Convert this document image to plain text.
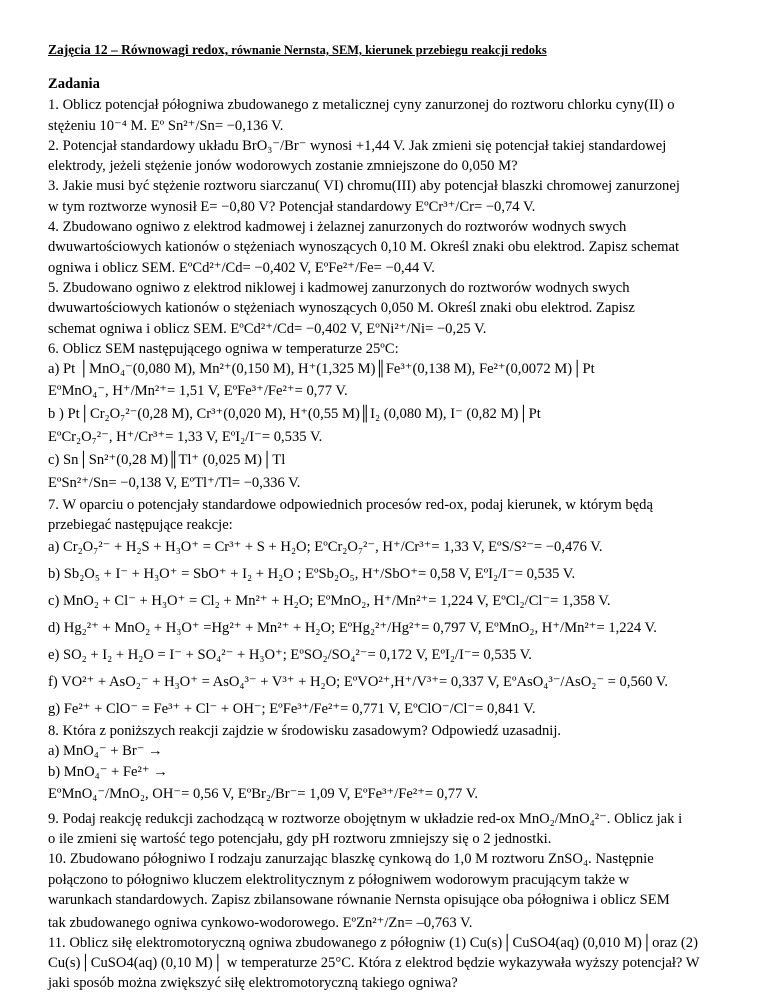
Zajęcia 12 – Równowagi redox, równanie Nernsta, SEM, kierunek przebiegu reakcji redoks
Zadania
1. Oblicz potencjał półogniwa zbudowanego z metalicznej cyny zanurzonej do roztworu chlorku cyny(II) o
stężeniu 10⁻⁴ M. Eº Sn²⁺/Sn= −0,136 V.
2. Potencjał standardowy układu BrO₃⁻/Br⁻ wynosi +1,44 V. Jak zmieni się potencjał takiej standardowej
elektrody, jeżeli stężenie jonów wodorowych zostanie zmniejszone do 0,050 M?
3. Jakie musi być stężenie roztworu siarczanu( VI) chromu(III) aby potencjał blaszki chromowej zanurzonej
w tym roztworze wynosił E= −0,80 V? Potencjał standardowy EºCr³⁺/Cr= −0,74 V.
4. Zbudowano ogniwo z elektrod kadmowej i żelaznej zanurzonych do roztworów wodnych swych
dwuwartościowych kationów o stężeniach wynoszących 0,10 M. Określ znaki obu elektrod. Zapisz schemat
ogniwa i oblicz SEM. EºCd²⁺/Cd= −0,402 V, EºFe²⁺/Fe= −0,44 V.
5. Zbudowano ogniwo z elektrod niklowej i kadmowej zanurzonych do roztworów wodnych swych
dwuwartościowych kationów o stężeniach wynoszących 0,050 M. Określ znaki obu elektrod. Zapisz
schemat ogniwa i oblicz SEM. EºCd²⁺/Cd= −0,402 V, EºNi²⁺/Ni= −0,25 V.
6. Oblicz SEM następującego ogniwa w temperaturze 25ºC:
a) Pt │MnO₄⁻(0,080 M), Mn²⁺(0,150 M), H⁺(1,325 M)║Fe³⁺(0,138 M), Fe²⁺(0,0072 M)│Pt
EºMnO₄⁻, H⁺/Mn²⁺= 1,51 V, EºFe³⁺/Fe²⁺= 0,77 V.
b ) Pt│Cr₂O₇²⁻(0,28 M), Cr³⁺(0,020 M), H⁺(0,55 M)║I₂ (0,080 M), I⁻ (0,82 M)│Pt
EºCr₂O₇²⁻, H⁺/Cr³⁺= 1,33 V, EºI₂/I⁻= 0,535 V.
c) Sn│Sn²⁺(0,28 M)║Tl⁺ (0,025 M)│Tl
EºSn²⁺/Sn= −0,138 V, EºTl⁺/Tl= −0,336 V.
7. W oparciu o potencjały standardowe odpowiednich procesów red-ox, podaj kierunek, w którym będą
przebiegać następujące reakcje:
a) Cr₂O₇²⁻ + H₂S + H₃O⁺ = Cr³⁺ + S + H₂O; EºCr₂O₇²⁻, H⁺/Cr³⁺= 1,33 V, EºS/S²⁻= −0,476 V.
b) Sb₂O₅ + I⁻ + H₃O⁺ = SbO⁺ + I₂ + H₂O ; EºSb₂O₅, H⁺/SbO⁺= 0,58 V, EºI₂/I⁻= 0,535 V.
c) MnO₂ + Cl⁻ + H₃O⁺ = Cl₂ + Mn²⁺ + H₂O; EºMnO₂, H⁺/Mn²⁺= 1,224 V, EºCl₂/Cl⁻= 1,358 V.
d) Hg₂²⁺ + MnO₂ + H₃O⁺ =Hg²⁺ + Mn²⁺ + H₂O; EºHg₂²⁺/Hg²⁺= 0,797 V, EºMnO₂, H⁺/Mn²⁺= 1,224 V.
e) SO₂ + I₂ + H₂O = I⁻ + SO₄²⁻ + H₃O⁺; EºSO₂/SO₄²⁻= 0,172 V, EºI₂/I⁻= 0,535 V.
f) VO²⁺ + AsO₂⁻ + H₃O⁺ = AsO₄³⁻ + V³⁺ + H₂O; EºVO²⁺,H⁺/V³⁺= 0,337 V, EºAsO₄³⁻/AsO₂⁻ = 0,560 V.
g) Fe²⁺ + ClO⁻ = Fe³⁺ + Cl⁻ + OH⁻; EºFe³⁺/Fe²⁺= 0,771 V, EºClO⁻/Cl⁻= 0,841 V.
8. Która z poniższych reakcji zajdzie w środowisku zasadowym? Odpowiedź uzasadnij.
a) MnO₄⁻ + Br⁻ →
b) MnO₄⁻ + Fe²⁺ →
EºMnO₄⁻/MnO₂, OH⁻= 0,56 V, EºBr₂/Br⁻= 1,09 V, EºFe³⁺/Fe²⁺= 0,77 V.
9. Podaj reakcję redukcji zachodzącą w roztworze obojętnym w układzie red-ox MnO₂/MnO₄²⁻. Oblicz jak i
o ile zmieni się wartość tego potencjału, gdy pH roztworu zmniejszy się o 2 jednostki.
10. Zbudowano półogniwo I rodzaju zanurzając blaszkę cynkową do 1,0 M roztworu ZnSO₄. Następnie
połączono to półogniwo kluczem elektrolitycznym z półogniwem wodorowym pracującym także w
warunkach standardowych. Zapisz zbilansowane równanie Nernsta opisujące oba półogniwa i oblicz SEM
tak zbudowanego ogniwa cynkowo-wodorowego. EºZn²⁺/Zn= –0,763 V.
11. Oblicz siłę elektromotoryczną ogniwa zbudowanego z półogniw (1) Cu(s)│CuSO4(aq) (0,010 M)│oraz (2)
Cu(s)│CuSO4(aq) (0,10 M)│ w temperaturze 25°C. Która z elektrod będzie wykazywała wyższy potencjał? W
jaki sposób można zwiększyć siłę elektromotoryczną takiego ogniwa?
